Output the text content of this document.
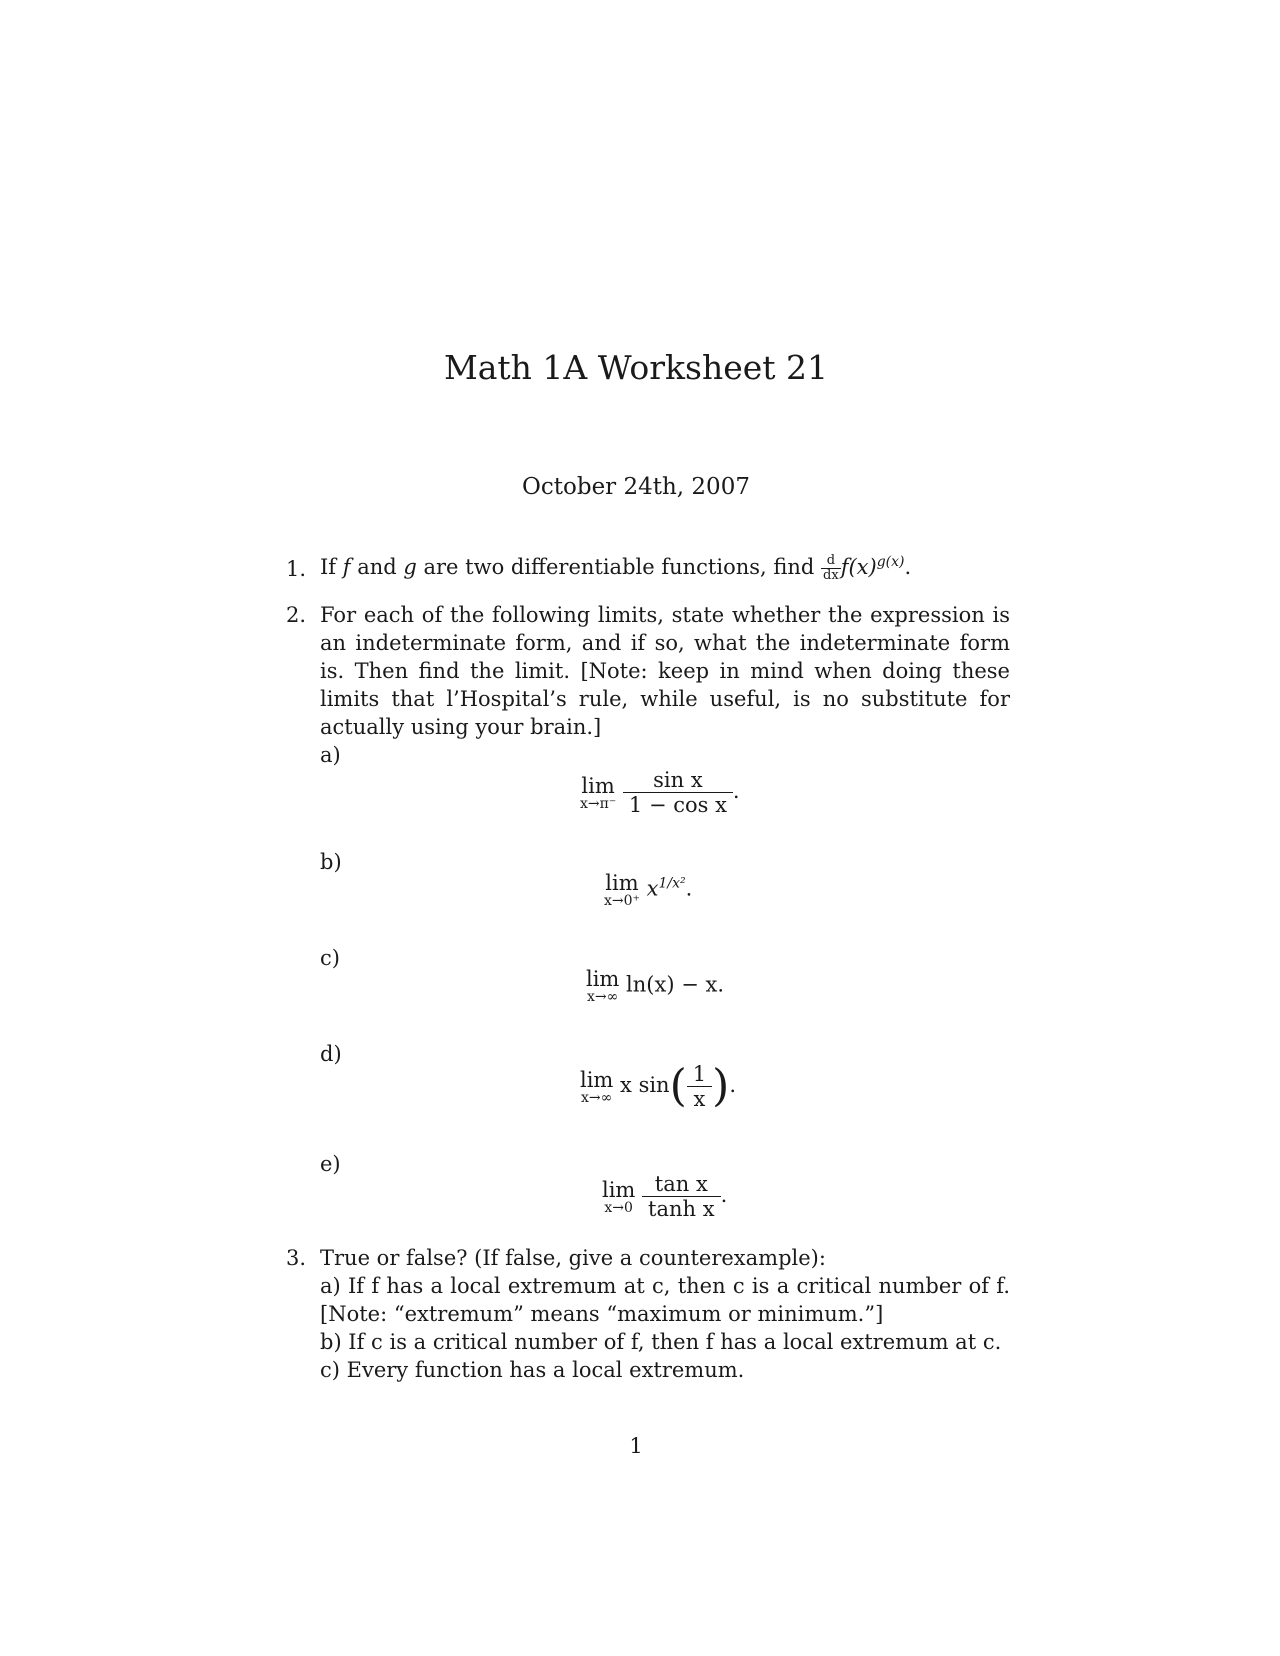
Math 1A Worksheet 21
October 24th, 2007
1. If f and g are two differentiable functions, find $\frac{d}{dx} f(x)^{g(x)}$.
2. For each of the following limits, state whether the expression is an indeterminate form, and if so, what the indeterminate form is. Then find the limit. [Note: keep in mind when doing these limits that l’Hospital’s rule, while useful, is no substitute for actually using your brain.]
a)
lim
x→π⁻
$\frac{\text{sin x}}{\text{1 − cos x}}$ .
b)
lim
x→0⁺
$x^{1/x^2}$.
c)
lim
x→∞
ln(x) − x.
d)
lim
x→∞
x $\sin( \frac{1}{x}$ ).
e)
lim
x→0
$\frac{\text{tan x}}{\text{tanh x}}$ .
3. True or false? (If false, give a counterexample):
a) If f has a local extremum at c, then c is a critical number of f. [Note: “extremum” means “maximum or minimum.”]
b) If c is a critical number of f, then f has a local extremum at c.
c) Every function has a local extremum.
1
